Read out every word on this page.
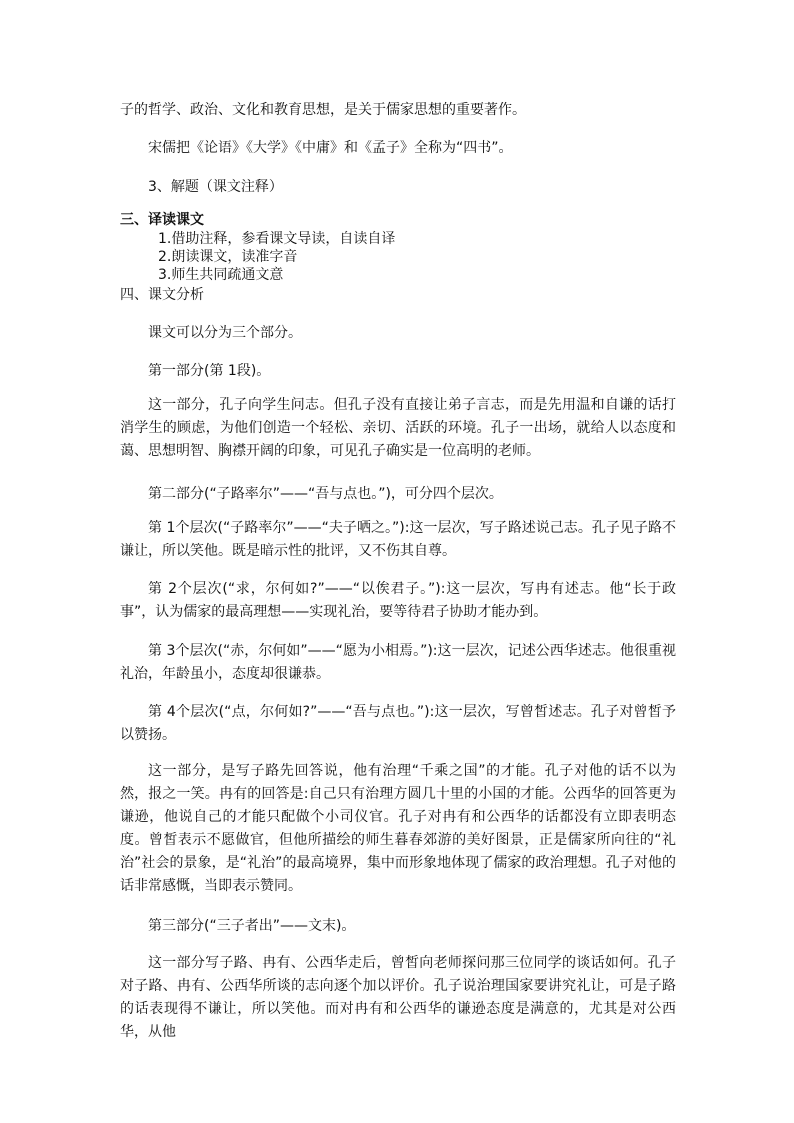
子的哲学、政治、文化和教育思想，是关于儒家思想的重要著作。
宋儒把《论语》《大学》《中庸》和《孟子》全称为“四书”。
3、解题（课文注释）
三、译读课文
1.借助注释，参看课文导读，自读自译
2.朗读课文，读准字音
3.师生共同疏通文意
四、课文分析
课文可以分为三个部分。
第一部分(第 1段)。

这一部分，孔子向学生问志。但孔子没有直接让弟子言志，而是先用温和自谦的话打消学生的顾虑，为他们创造一个轻松、亲切、活跃的环境。孔子一出场，就给人以态度和蔼、思想明智、胸襟开阔的印象，可见孔子确实是一位高明的老师。

第二部分(“子路率尔”——“吾与点也。”)，可分四个层次。

第 1个层次(“子路率尔”——“夫子哂之。”):这一层次，写子路述说己志。孔子见子路不谦让，所以笑他。既是暗示性的批评，又不伤其自尊。

第 2个层次(“求，尔何如?”——“以俟君子。”):这一层次，写冉有述志。他“长于政事”，认为儒家的最高理想——实现礼治，要等待君子协助才能办到。

第 3个层次(“赤，尔何如”——“愿为小相焉。”):这一层次，记述公西华述志。他很重视礼治，年龄虽小，态度却很谦恭。

第 4个层次(“点，尔何如?”——“吾与点也。”):这一层次，写曾皙述志。孔子对曾皙予以赞扬。

这一部分，是写子路先回答说，他有治理“千乘之国”的才能。孔子对他的话不以为然，报之一笑。冉有的回答是:自己只有治理方圆几十里的小国的才能。公西华的回答更为谦逊，他说自己的才能只配做个小司仪官。孔子对冉有和公西华的话都没有立即表明态度。曾皙表示不愿做官，但他所描绘的师生暮春郊游的美好图景，正是儒家所向往的“礼治”社会的景象，是“礼治”的最高境界，集中而形象地体现了儒家的政治理想。孔子对他的话非常感慨，当即表示赞同。

第三部分(“三子者出”——文末)。

这一部分写子路、冉有、公西华走后，曾皙向老师探问那三位同学的谈话如何。孔子对子路、冉有、公西华所谈的志向逐个加以评价。孔子说治理国家要讲究礼让，可是子路的话表现得不谦让，所以笑他。而对冉有和公西华的谦逊态度是满意的，尤其是对公西华，从他
